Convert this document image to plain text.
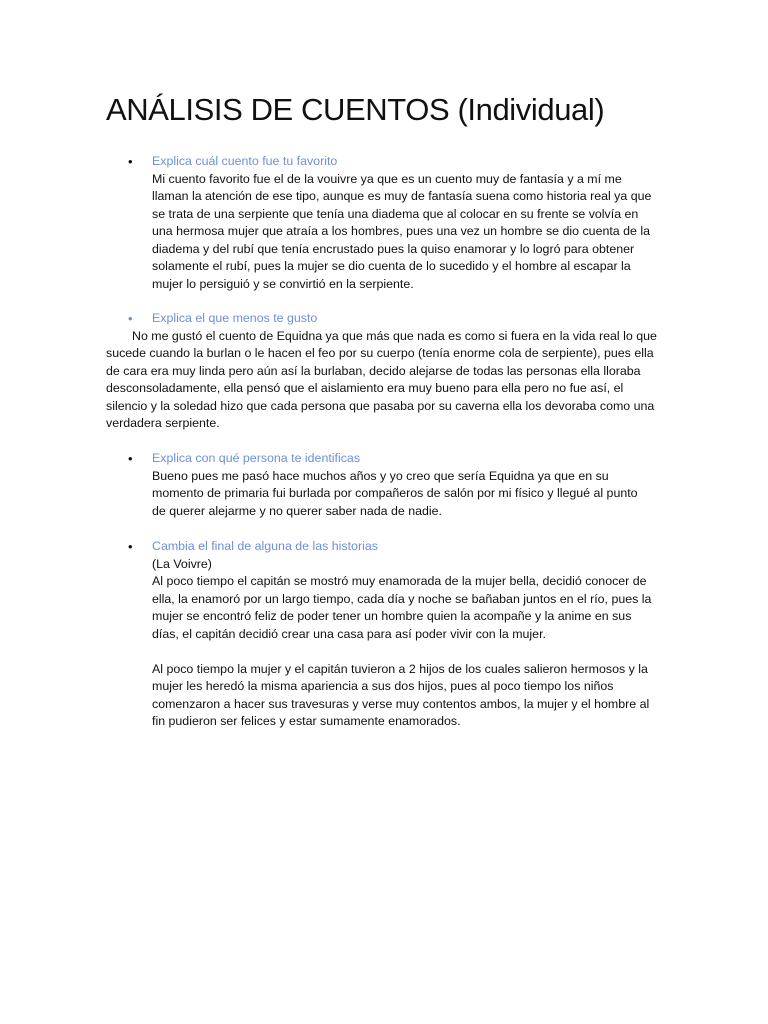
ANÁLISIS DE CUENTOS (Individual)
• Explica cuál cuento fue tu favorito
Mi cuento favorito fue el de la vouivre ya que es un cuento muy de fantasía y a mí me
llaman la atención de ese tipo, aunque es muy de fantasía suena como historia real ya que
se trata de una serpiente que tenía una diadema que al colocar en su frente se volvía en
una hermosa mujer que atraía a los hombres, pues una vez un hombre se dio cuenta de la
diadema y del rubí que tenía encrustado pues la quiso enamorar y lo logró para obtener
solamente el rubí, pues la mujer se dio cuenta de lo sucedido y el hombre al escapar la
mujer lo persiguió y se convirtió en la serpiente.
• Explica el que menos te gusto
No me gustó el cuento de Equidna ya que más que nada es como si fuera en la vida real lo que
sucede cuando la burlan o le hacen el feo por su cuerpo (tenía enorme cola de serpiente), pues ella
de cara era muy linda pero aún así la burlaban, decido alejarse de todas las personas ella lloraba
desconsoladamente, ella pensó que el aislamiento era muy bueno para ella pero no fue así, el
silencio y la soledad hizo que cada persona que pasaba por su caverna ella los devoraba como una
verdadera serpiente.
• Explica con qué persona te identificas
Bueno pues me pasó hace muchos años y yo creo que sería Equidna ya que en su
momento de primaria fui burlada por compañeros de salón por mi físico y llegué al punto
de querer alejarme y no querer saber nada de nadie.
• Cambia el final de alguna de las historias
(La Voivre)
Al poco tiempo el capitán se mostró muy enamorada de la mujer bella, decidió conocer de
ella, la enamoró por un largo tiempo, cada día y noche se bañaban juntos en el río, pues la
mujer se encontró feliz de poder tener un hombre quien la acompañe y la anime en sus
días, el capitán decidió crear una casa para así poder vivir con la mujer.
Al poco tiempo la mujer y el capitán tuvieron a 2 hijos de los cuales salieron hermosos y la
mujer les heredó la misma apariencia a sus dos hijos, pues al poco tiempo los niños
comenzaron a hacer sus travesuras y verse muy contentos ambos, la mujer y el hombre al
fin pudieron ser felices y estar sumamente enamorados.
